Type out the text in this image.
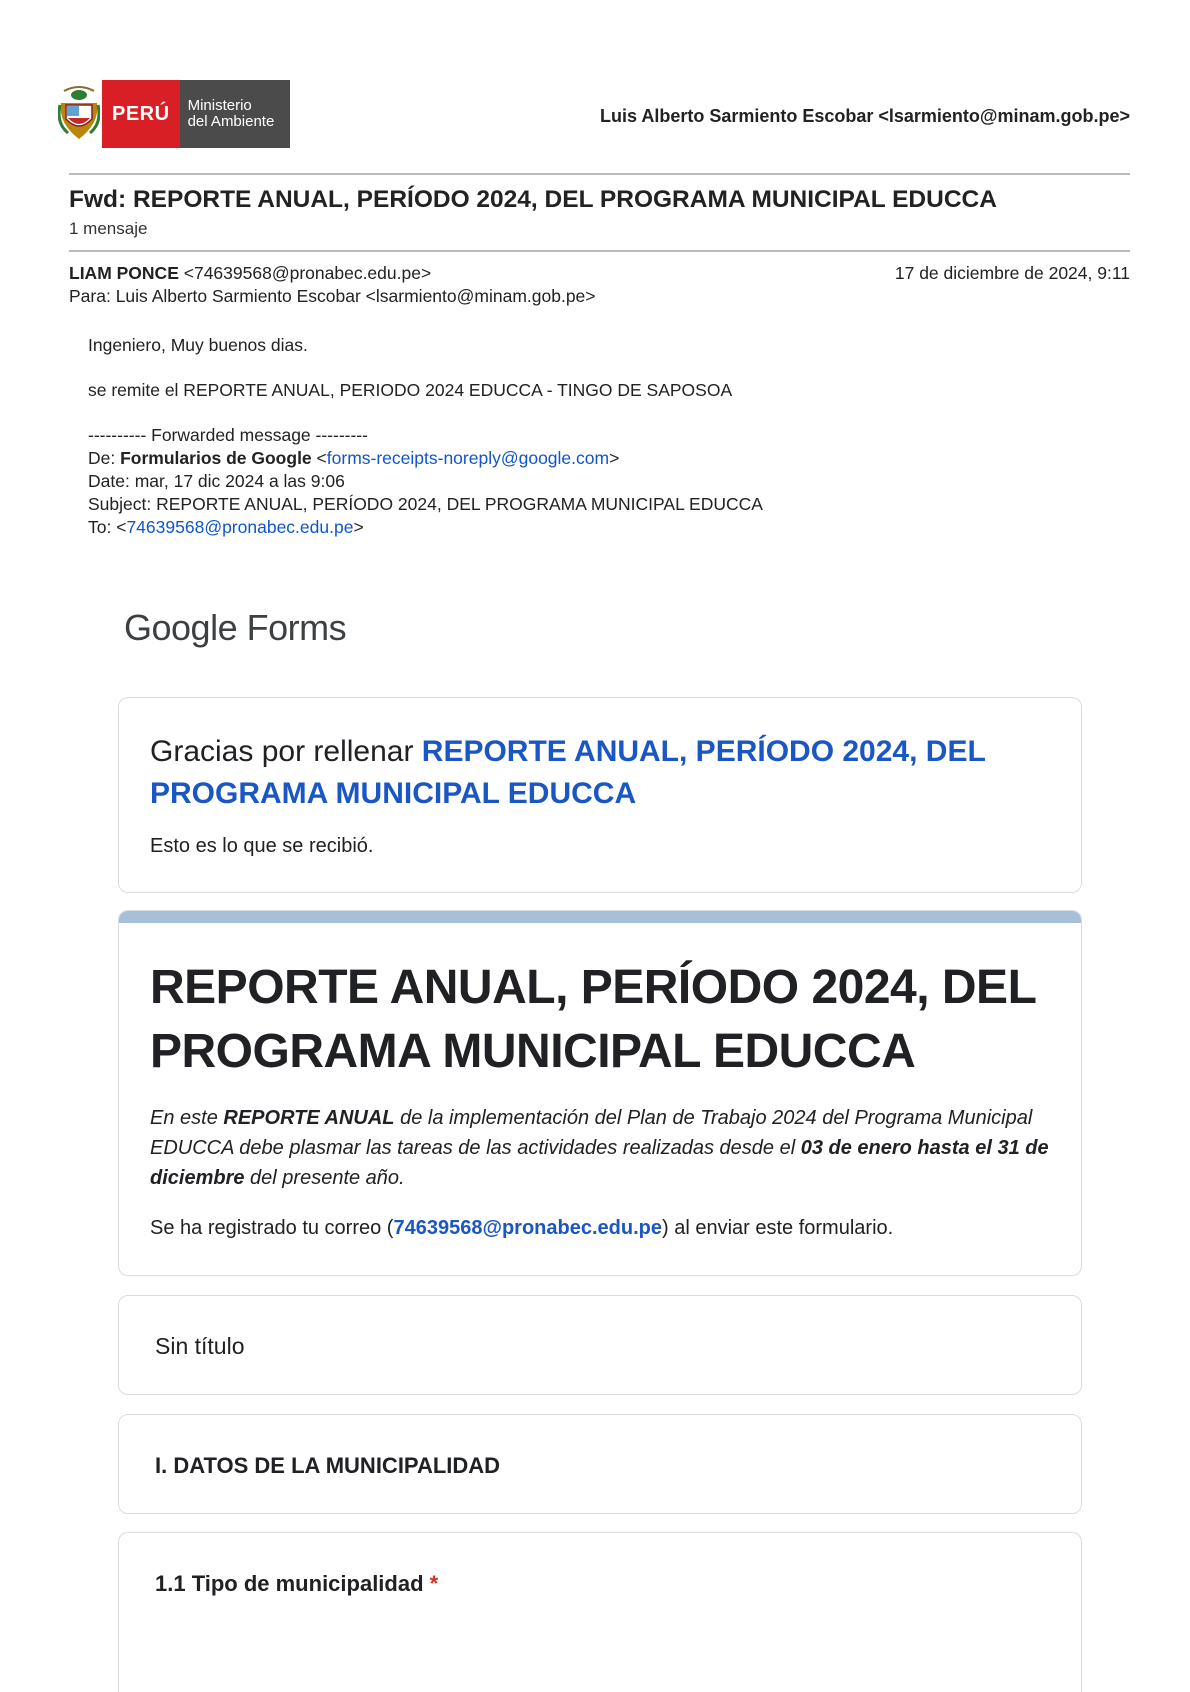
PERÚ	Ministerio
del Ambiente	Luis Alberto Sarmiento Escobar <lsarmiento@minam.gob.pe>
Fwd: REPORTE ANUAL, PERÍODO 2024, DEL PROGRAMA MUNICIPAL EDUCCA
1 mensaje
LIAM PONCE <74639568@pronabec.edu.pe>	17 de diciembre de 2024, 9:11
Para: Luis Alberto Sarmiento Escobar <lsarmiento@minam.gob.pe>
Ingeniero, Muy buenos dias.
se remite el REPORTE ANUAL, PERIODO 2024 EDUCCA - TINGO DE SAPOSOA
---------- Forwarded message ---------
De: Formularios de Google <forms-receipts-noreply@google.com>
Date: mar, 17 dic 2024 a las 9:06
Subject: REPORTE ANUAL, PERÍODO 2024, DEL PROGRAMA MUNICIPAL EDUCCA
To: <74639568@pronabec.edu.pe>
Google Forms
Gracias por rellenar REPORTE ANUAL, PERÍODO 2024, DEL PROGRAMA MUNICIPAL EDUCCA
Esto es lo que se recibió.
REPORTE ANUAL, PERÍODO 2024, DEL PROGRAMA MUNICIPAL EDUCCA
En este REPORTE ANUAL de la implementación del Plan de Trabajo 2024 del Programa Municipal EDUCCA debe plasmar las tareas de las actividades realizadas desde el 03 de enero hasta el 31 de diciembre del presente año.
Se ha registrado tu correo (74639568@pronabec.edu.pe) al enviar este formulario.
Sin título
I. DATOS DE LA MUNICIPALIDAD
1.1 Tipo de municipalidad *
